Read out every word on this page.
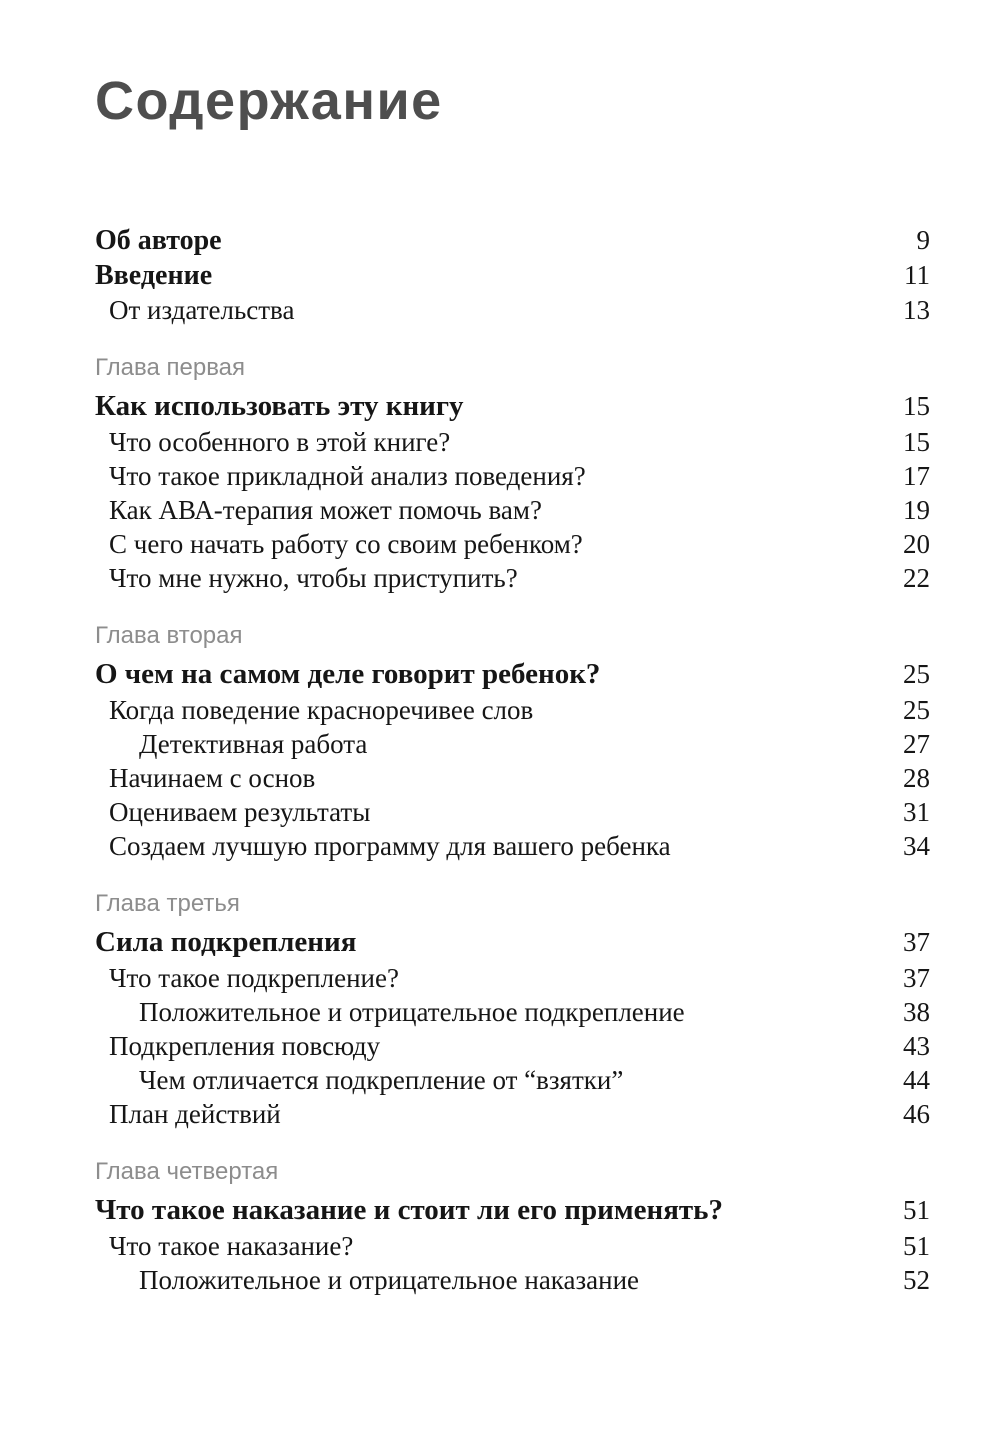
Содержание
Об авторе	9
Введение	11
От издательства	13
Глава первая
Как использовать эту книгу	15
Что особенного в этой книге?	15
Что такое прикладной анализ поведения?	17
Как АВА-терапия может помочь вам?	19
С чего начать работу со своим ребенком?	20
Что мне нужно, чтобы приступить?	22
Глава вторая
О чем на самом деле говорит ребенок?	25
Когда поведение красноречивее слов	25
Детективная работа	27
Начинаем с основ	28
Оцениваем результаты	31
Создаем лучшую программу для вашего ребенка	34
Глава третья
Сила подкрепления	37
Что такое подкрепление?	37
Положительное и отрицательное подкрепление	38
Подкрепления повсюду	43
Чем отличается подкрепление от “взятки”	44
План действий	46
Глава четвертая
Что такое наказание и стоит ли его применять?	51
Что такое наказание?	51
Положительное и отрицательное наказание	52
